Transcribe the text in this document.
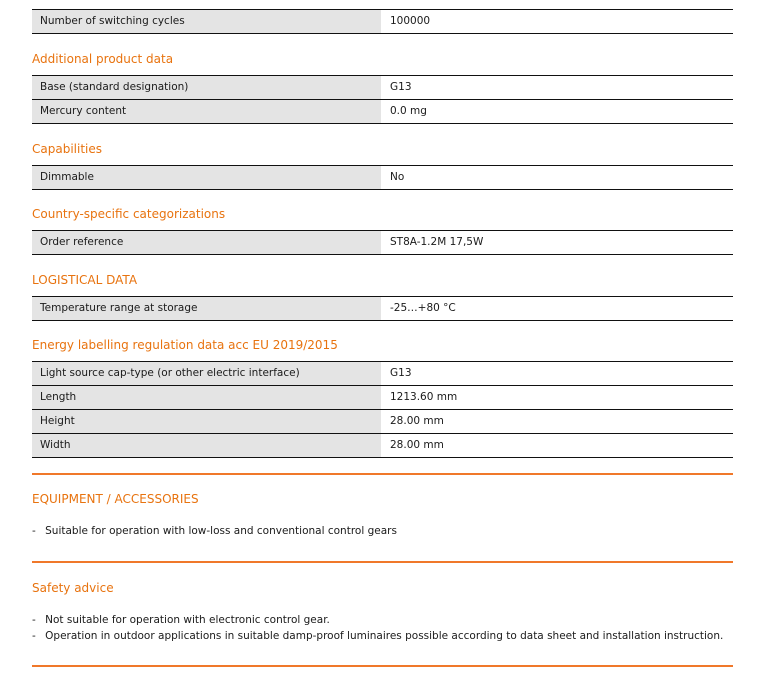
Number of switching cycles	100000
Additional product data
Base (standard designation)	G13
Mercury content	0.0 mg
Capabilities
Dimmable	No
Country-specific categorizations
Order reference	ST8A-1.2M 17,5W
LOGISTICAL DATA
Temperature range at storage	-25…+80 °C
Energy labelling regulation data acc EU 2019/2015
Light source cap-type (or other electric interface)	G13
Length	1213.60 mm
Height	28.00 mm
Width	28.00 mm
EQUIPMENT / ACCESSORIES
- Suitable for operation with low-loss and conventional control gears
Safety advice
- Not suitable for operation with electronic control gear.
- Operation in outdoor applications in suitable damp-proof luminaires possible according to data sheet and installation instruction.
